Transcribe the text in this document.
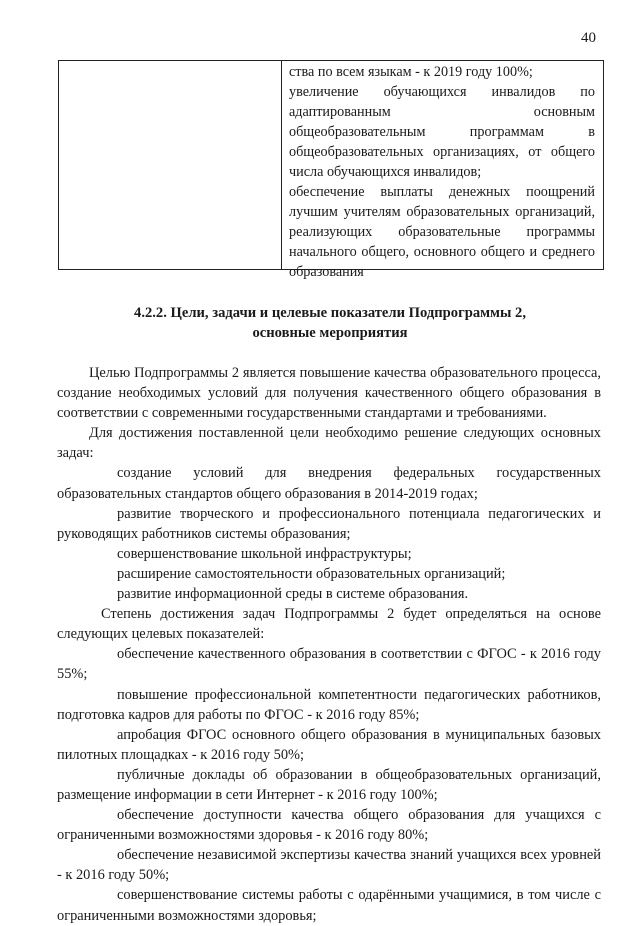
40

ства по всем языкам - к 2019 году 100%;

увеличение обучающихся инвалидов по адаптированным основным общеобразовательным программам в общеобразовательных организациях, от общего числа обучающихся инвалидов;

обеспечение выплаты денежных поощрений лучшим учителям образовательных организаций, реализующих образовательные программы начального общего, основного общего и среднего образования

4.2.2. Цели, задачи и целевые показатели Подпрограммы 2,
основные мероприятия

Целью Подпрограммы 2 является повышение качества образовательного процесса, создание необходимых условий для получения качественного общего образования в соответствии с современными государственными стандартами и требованиями.

Для достижения поставленной цели необходимо решение следующих основных задач:

создание условий для внедрения федеральных государственных образовательных стандартов общего образования в 2014-2019 годах;

развитие творческого и профессионального потенциала педагогических и руководящих работников системы образования;

совершенствование школьной инфраструктуры;

расширение самостоятельности образовательных организаций;

развитие информационной среды в системе образования.

Степень достижения задач Подпрограммы 2 будет определяться на основе следующих целевых показателей:

обеспечение качественного образования в соответствии с ФГОС - к 2016 году 55%;

повышение профессиональной компетентности педагогических работников, подготовка кадров для работы по ФГОС - к 2016 году 85%;

апробация ФГОС основного общего образования в муниципальных базовых пилотных площадках - к 2016 году 50%;

публичные доклады об образовании в общеобразовательных организаций, размещение информации в сети Интернет - к 2016 году 100%;

обеспечение доступности качества общего образования для учащихся с ограниченными возможностями здоровья - к 2016 году 80%;

обеспечение независимой экспертизы качества знаний учащихся всех уровней - к 2016 году 50%;

совершенствование системы работы с одарёнными учащимися, в том числе с ограниченными возможностями здоровья;
